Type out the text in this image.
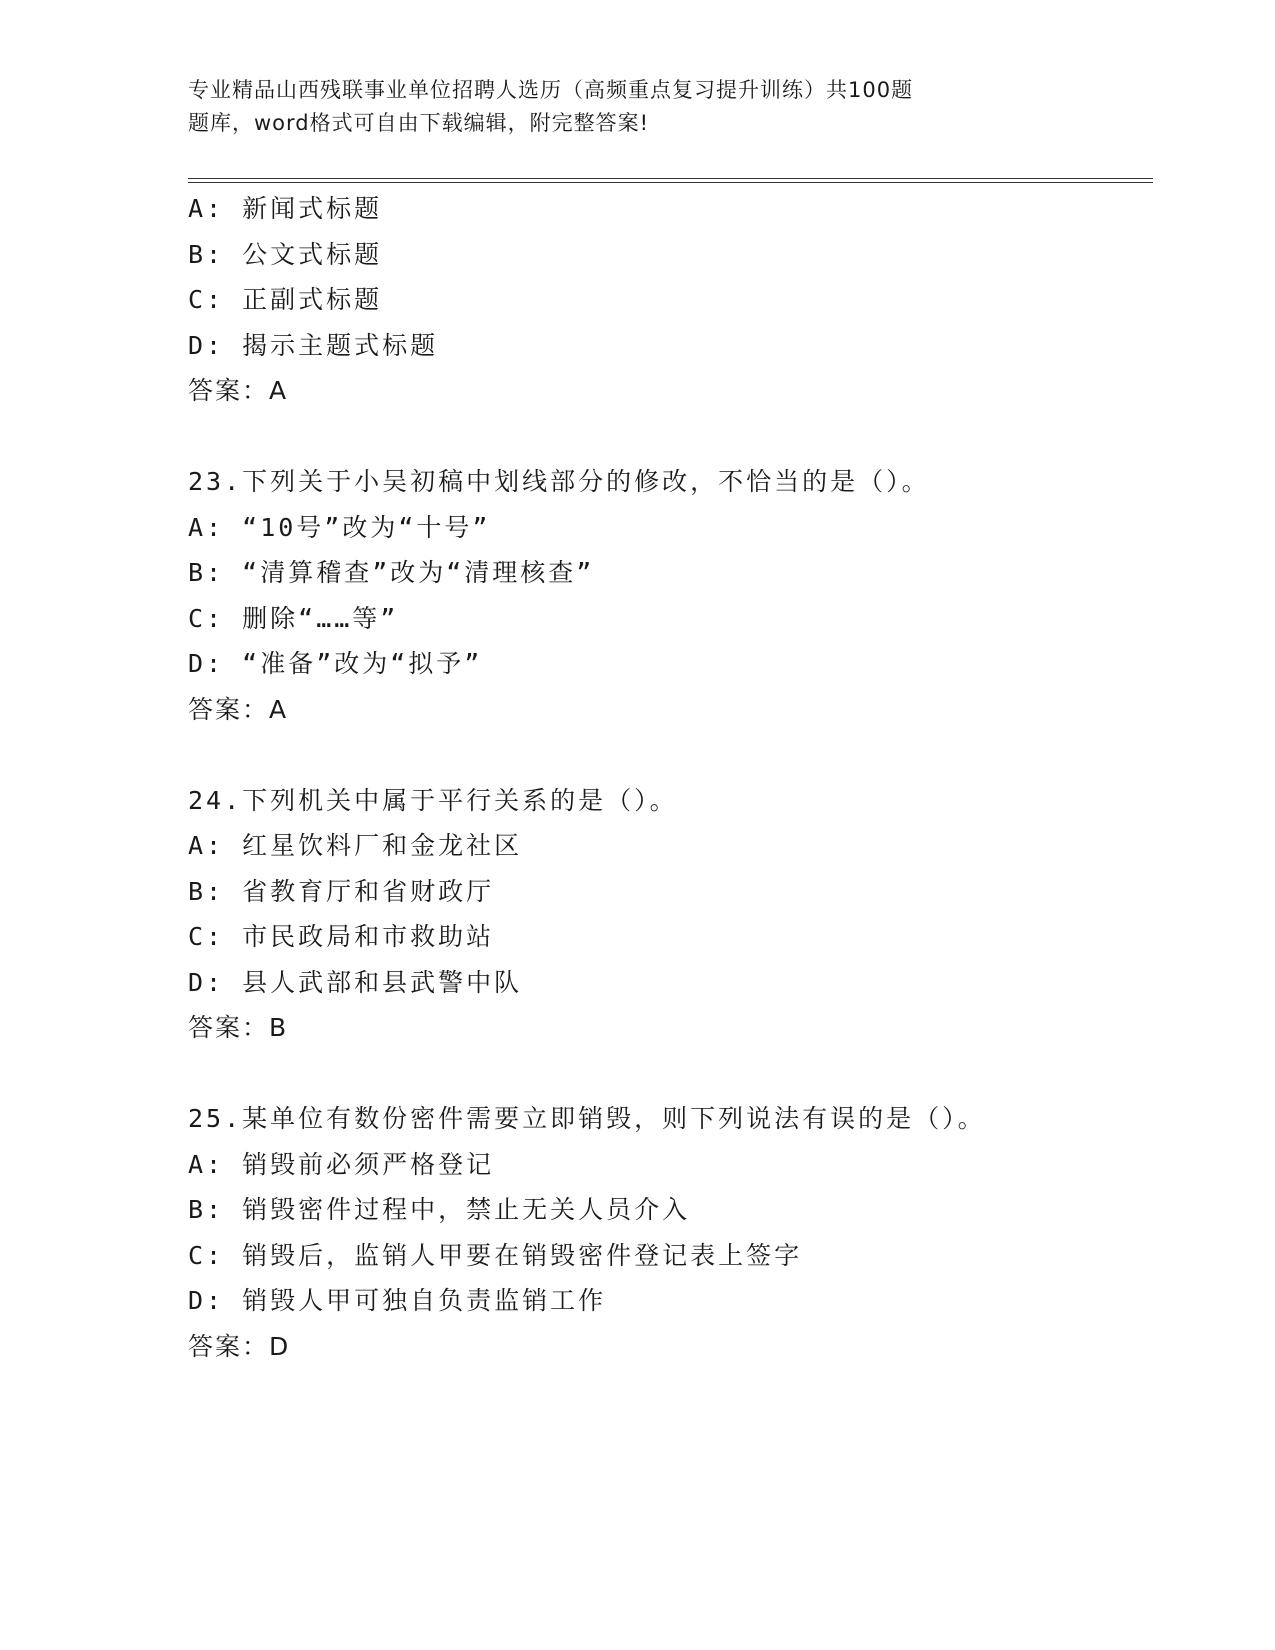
专业精品山西残联事业单位招聘人选历（高频重点复习提升训练）共100题
题库，word格式可自由下载编辑，附完整答案!
A: 新闻式标题
B: 公文式标题
C: 正副式标题
D: 揭示主题式标题
答案：A
23.下列关于小吴初稿中划线部分的修改，不恰当的是（）。
A: “10号”改为“十号”
B: “清算稽查”改为“清理核查”
C: 删除“……等”
D: “准备”改为“拟予”
答案：A
24.下列机关中属于平行关系的是（）。
A: 红星饮料厂和金龙社区
B: 省教育厅和省财政厅
C: 市民政局和市救助站
D: 县人武部和县武警中队
答案：B
25.某单位有数份密件需要立即销毁，则下列说法有误的是（）。
A: 销毁前必须严格登记
B: 销毁密件过程中，禁止无关人员介入
C: 销毁后，监销人甲要在销毁密件登记表上签字
D: 销毁人甲可独自负责监销工作
答案：D
